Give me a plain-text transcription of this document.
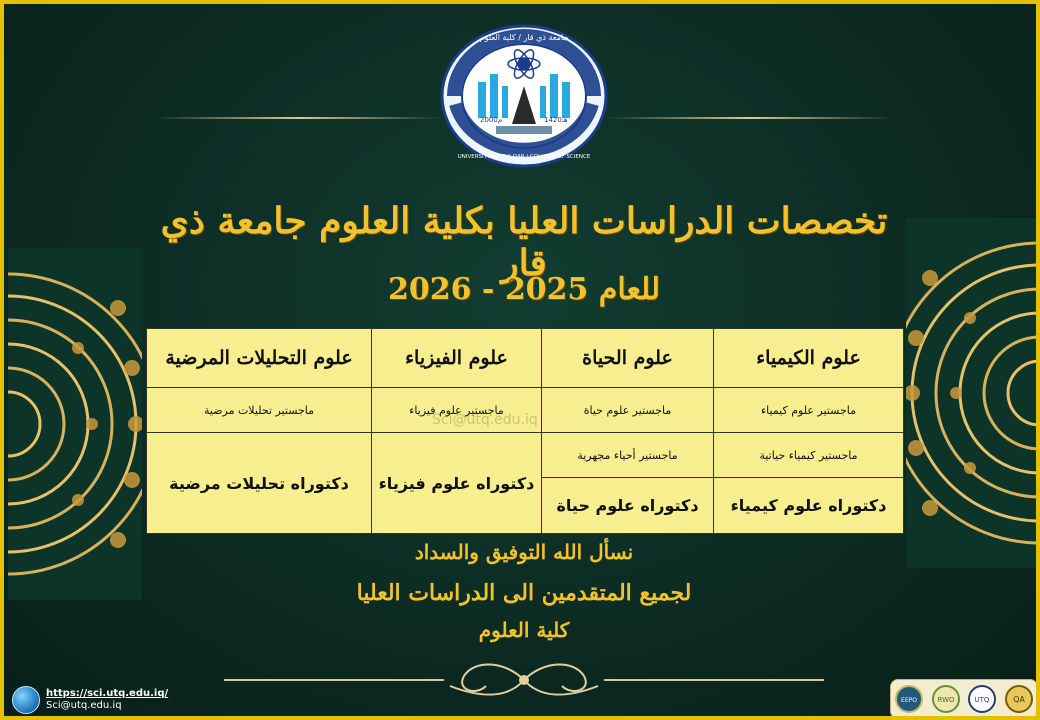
2000م	1420هـ
جامعة ذي قار / كلية العلوم
UNIVERSITY OF THI-QAR / COLLEGE OF SCIENCE
تخصصات الدراسات العليا بكلية العلوم جامعة ذي قار
للعام 2025 - 2026
علوم الكيمياء	علوم الحياة	علوم الفيزياء	علوم التحليلات المرضية
ماجستير علوم كيمياء	ماجستير علوم حياة	ماجستير علوم فيزياء	ماجستير تحليلات مرضية
ماجستير كيمياء حياتية	ماجستير أحياء مجهرية	دكتوراه علوم فيزياء	دكتوراه تحليلات مرضية
دكتوراه علوم كيمياء	دكتوراه علوم حياة		
Sci@utq.edu.iq
نسأل الله التوفيق والسداد
لجميع المتقدمين الى الدراسات العليا
كلية العلوم
https://sci.utq.edu.iq/
Sci@utq.edu.iq	EEPO	RWO	UTQ	QA
